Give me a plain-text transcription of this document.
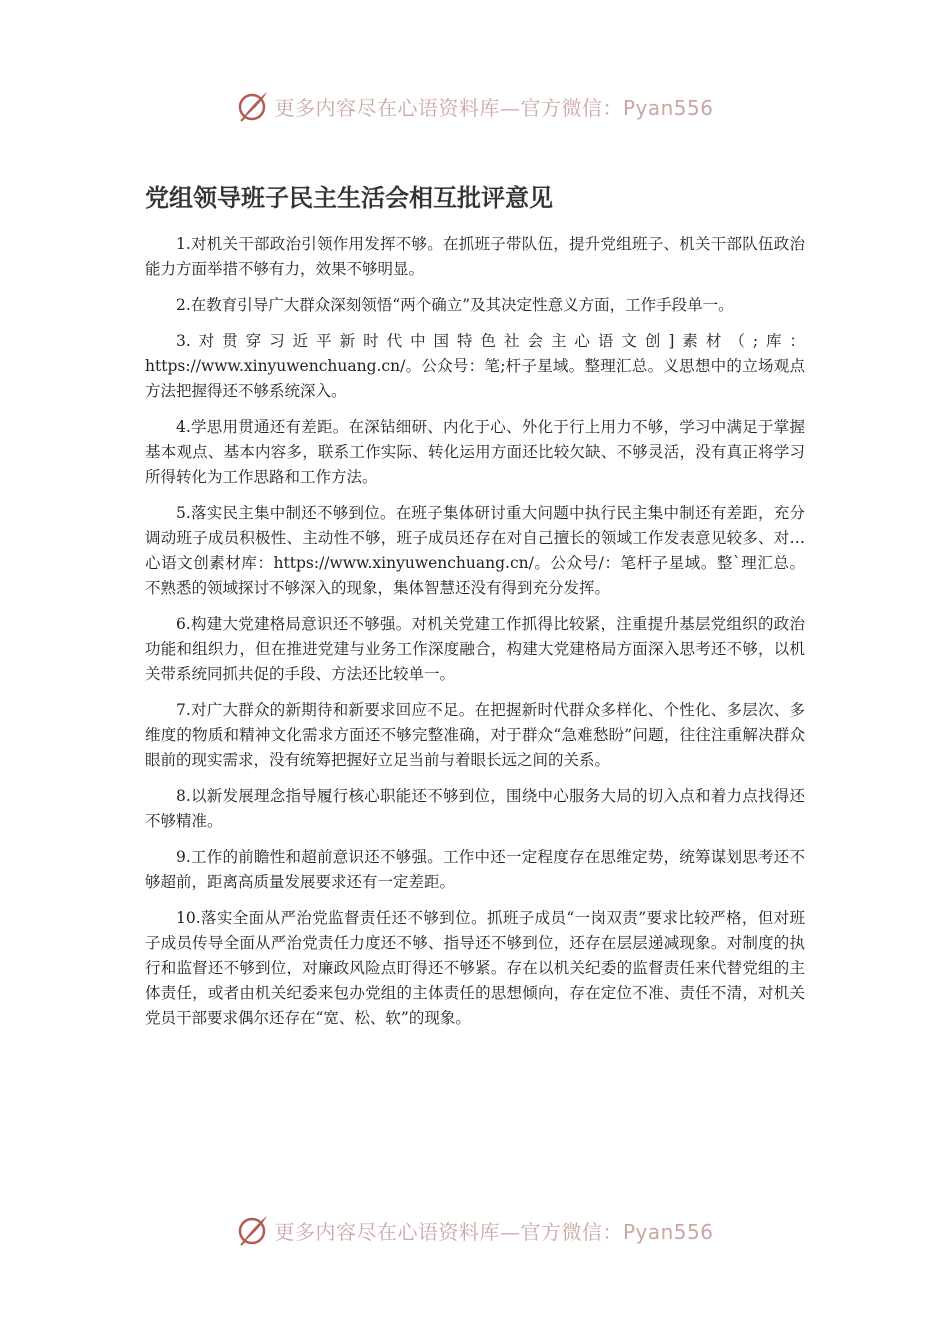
更多内容尽在心语资料库—官方微信：Pyan556
党组领导班子民主生活会相互批评意见

1.对机关干部政治引领作用发挥不够。在抓班子带队伍，提升党组班子、机关干部队伍政治能力方面举措不够有力，效果不够明显。

2.在教育引导广大群众深刻领悟“两个确立”及其决定性意义方面，工作手段单一。

3.对贯穿习近平新时代中国特色社会主心语文创]素材（;库：https://www.xinyuwenchuang.cn/。公众号：笔;杆子星域。整理汇总。义思想中的立场观点方法把握得还不够系统深入。

4.学思用贯通还有差距。在深钻细研、内化于心、外化于行上用力不够，学习中满足于掌握基本观点、基本内容多，联系工作实际、转化运用方面还比较欠缺、不够灵活，没有真正将学习所得转化为工作思路和工作方法。

5.落实民主集中制还不够到位。在班子集体研讨重大问题中执行民主集中制还有差距，充分调动班子成员积极性、主动性不够，班子成员还存在对自己擅长的领域工作发表意见较多、对…心语文创素材库：https://www.xinyuwenchuang.cn/。公众号/：笔杆子星域。整`理汇总。不熟悉的领域探讨不够深入的现象，集体智慧还没有得到充分发挥。

6.构建大党建格局意识还不够强。对机关党建工作抓得比较紧，注重提升基层党组织的政治功能和组织力，但在推进党建与业务工作深度融合，构建大党建格局方面深入思考还不够，以机关带系统同抓共促的手段、方法还比较单一。

7.对广大群众的新期待和新要求回应不足。在把握新时代群众多样化、个性化、多层次、多维度的物质和精神文化需求方面还不够完整准确，对于群众“急难愁盼”问题，往往注重解决群众眼前的现实需求，没有统筹把握好立足当前与着眼长远之间的关系。

8.以新发展理念指导履行核心职能还不够到位，围绕中心服务大局的切入点和着力点找得还不够精准。

9.工作的前瞻性和超前意识还不够强。工作中还一定程度存在思维定势，统筹谋划思考还不够超前，距离高质量发展要求还有一定差距。

10.落实全面从严治党监督责任还不够到位。抓班子成员“一岗双责”要求比较严格，但对班子成员传导全面从严治党责任力度还不够、指导还不够到位，还存在层层递减现象。对制度的执行和监督还不够到位，对廉政风险点盯得还不够紧。存在以机关纪委的监督责任来代替党组的主体责任，或者由机关纪委来包办党组的主体责任的思想倾向，存在定位不准、责任不清，对机关党员干部要求偶尔还存在“宽、松、软”的现象。

更多内容尽在心语资料库—官方微信：Pyan556
